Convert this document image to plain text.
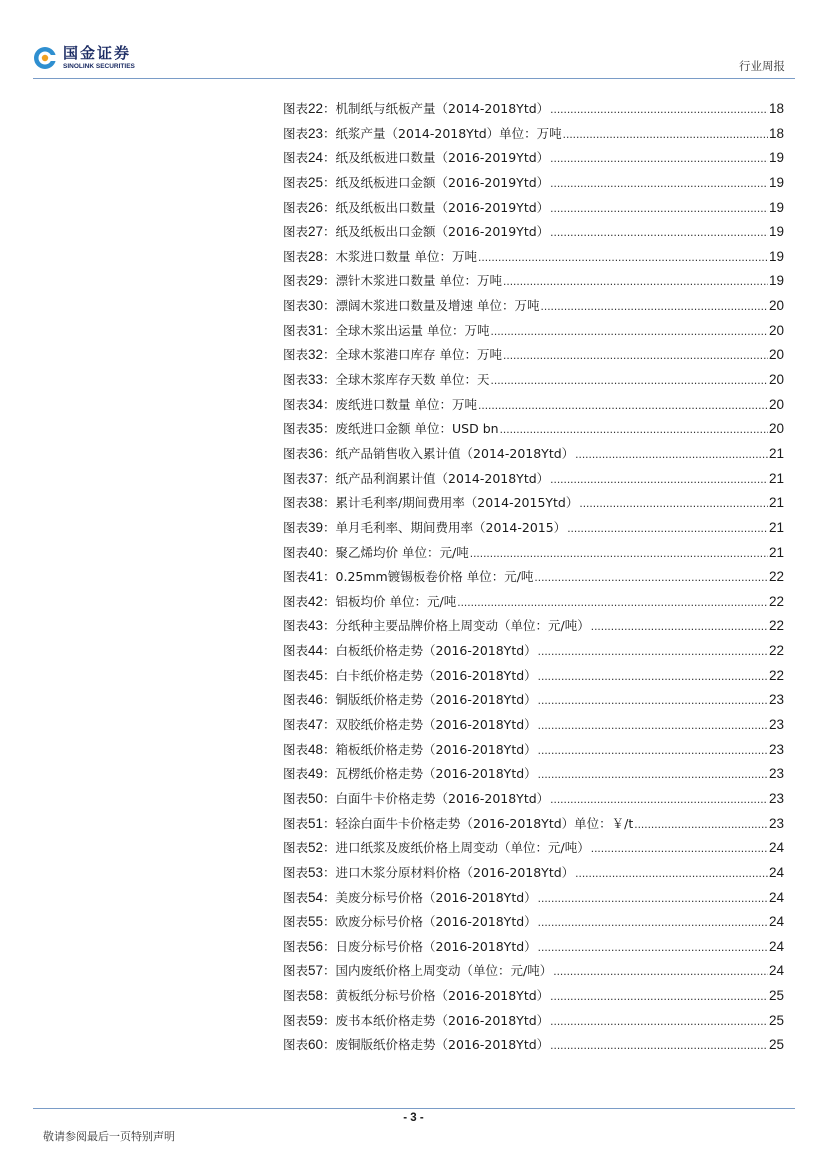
国金证券
SINOLINK SECURITIES	行业周报
图表 22 ：机制纸与纸板产量（2014-2018Ytd） .....	18
图表 23 ：纸浆产量（2014-2018Ytd）单位：万吨 .....	18
图表 24 ：纸及纸板进口数量（2016-2019Ytd） .....	19
图表 25 ：纸及纸板进口金额（2016-2019Ytd） .....	19
图表 26 ：纸及纸板出口数量（2016-2019Ytd） .....	19
图表 27 ：纸及纸板出口金额（2016-2019Ytd） .....	19
图表 28 ：木浆进口数量 单位：万吨 .....	19
图表 29 ：漂针木浆进口数量 单位：万吨 .....	19
图表 30 ：漂阔木浆进口数量及增速 单位：万吨 .....	20
图表 31 ：全球木浆出运量 单位：万吨 .....	20
图表 32 ：全球木浆港口库存 单位：万吨 .....	20
图表 33 ：全球木浆库存天数 单位：天 .....	20
图表 34 ：废纸进口数量 单位：万吨 .....	20
图表 35 ：废纸进口金额 单位：USD bn .....	20
图表 36 ：纸产品销售收入累计值（2014-2018Ytd） .....	21
图表 37 ：纸产品利润累计值（2014-2018Ytd） .....	21
图表 38 ：累计毛利率/期间费用率（2014-2015Ytd） .....	21
图表 39 ：单月毛利率、期间费用率（2014-2015） .....	21
图表 40 ：聚乙烯均价 单位：元/吨 .....	21
图表 41 ：0.25mm镀锡板卷价格 单位：元/吨 .....	22
图表 42 ：铝板均价 单位：元/吨 .....	22
图表 43 ：分纸种主要品牌价格上周变动（单位：元/吨） .....	22
图表 44 ：白板纸价格走势（2016-2018Ytd） .....	22
图表 45 ：白卡纸价格走势（2016-2018Ytd） .....	22
图表 46 ：铜版纸价格走势（2016-2018Ytd） .....	23
图表 47 ：双胶纸价格走势（2016-2018Ytd） .....	23
图表 48 ：箱板纸价格走势（2016-2018Ytd） .....	23
图表 49 ：瓦楞纸价格走势（2016-2018Ytd） .....	23
图表 50 ：白面牛卡价格走势（2016-2018Ytd） .....	23
图表 51 ：轻涂白面牛卡价格走势（2016-2018Ytd）单位：￥/t .....	23
图表 52 ：进口纸浆及废纸价格上周变动（单位：元/吨） .....	24
图表 53 ：进口木浆分原材料价格（2016-2018Ytd） .....	24
图表 54 ：美废分标号价格（2016-2018Ytd） .....	24
图表 55 ：欧废分标号价格（2016-2018Ytd） .....	24
图表 56 ：日废分标号价格（2016-2018Ytd） .....	24
图表 57 ：国内废纸价格上周变动（单位：元/吨） .....	24
图表 58 ：黄板纸分标号价格（2016-2018Ytd） .....	25
图表 59 ：废书本纸价格走势（2016-2018Ytd） .....	25
图表 60 ：废铜版纸价格走势（2016-2018Ytd） .....	25
- 3 -
敬请参阅最后一页特别声明
